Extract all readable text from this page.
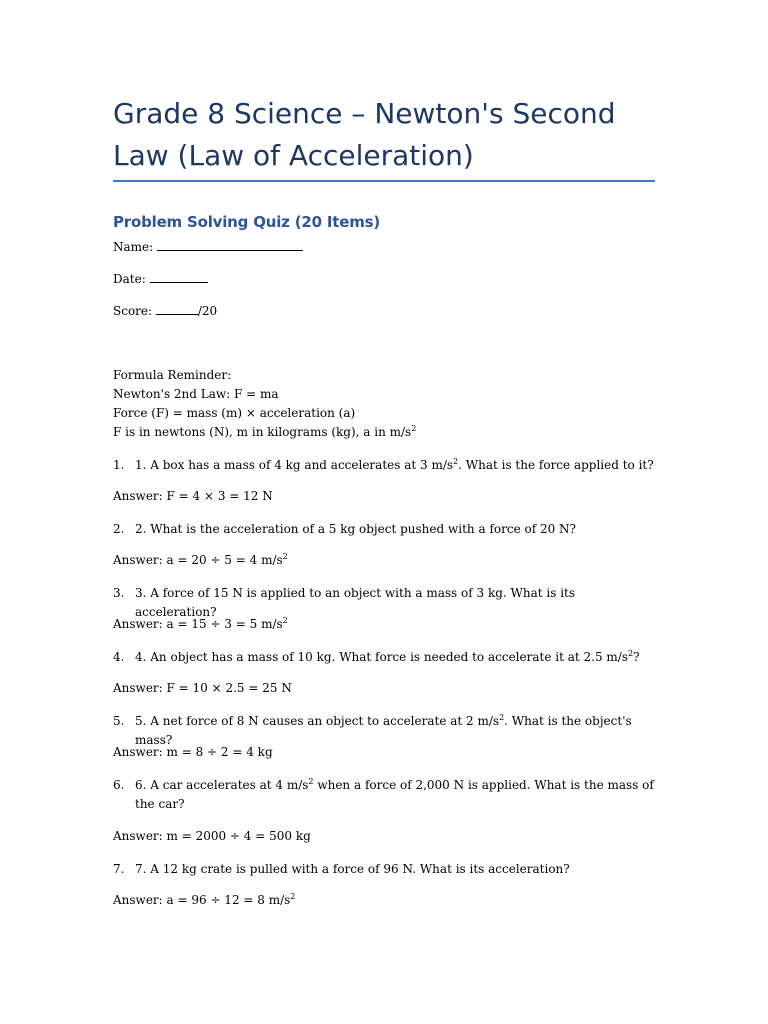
Grade 8 Science – Newton's Second Law (Law of Acceleration)
Problem Solving Quiz (20 Items)
Name:
Date:
Score:	/20
Formula Reminder:
Newton's 2nd Law: F = ma
Force (F) = mass (m) × acceleration (a)
F is in newtons (N), m in kilograms (kg), a in $m/s^2$
1. 1. A box has a mass of 4 kg and accelerates at 3 $m/s^2$. What is the force applied to it?
Answer: F = 4 × 3 = 12 N
2. 2. What is the acceleration of a 5 kg object pushed with a force of 20 N?
Answer: a = 20 ÷ 5 = 4 $m/s^2$
3. 3. A force of 15 N is applied to an object with a mass of 3 kg. What is its acceleration?
Answer: a = 15 ÷ 3 = 5 $m/s^2$
4. 4. An object has a mass of 10 kg. What force is needed to accelerate it at 2.5 $m/s^2$?
Answer: F = 10 × 2.5 = 25 N
5. 5. A net force of 8 N causes an object to accelerate at 2 $m/s^2$. What is the object's mass?
Answer: m = 8 ÷ 2 = 4 kg
6. 6. A car accelerates at 4 $m/s^2$ when a force of 2,000 N is applied. What is the mass of the car?
Answer: m = 2000 ÷ 4 = 500 kg
7. 7. A 12 kg crate is pulled with a force of 96 N. What is its acceleration?
Answer: a = 96 ÷ 12 = 8 $m/s^2$
